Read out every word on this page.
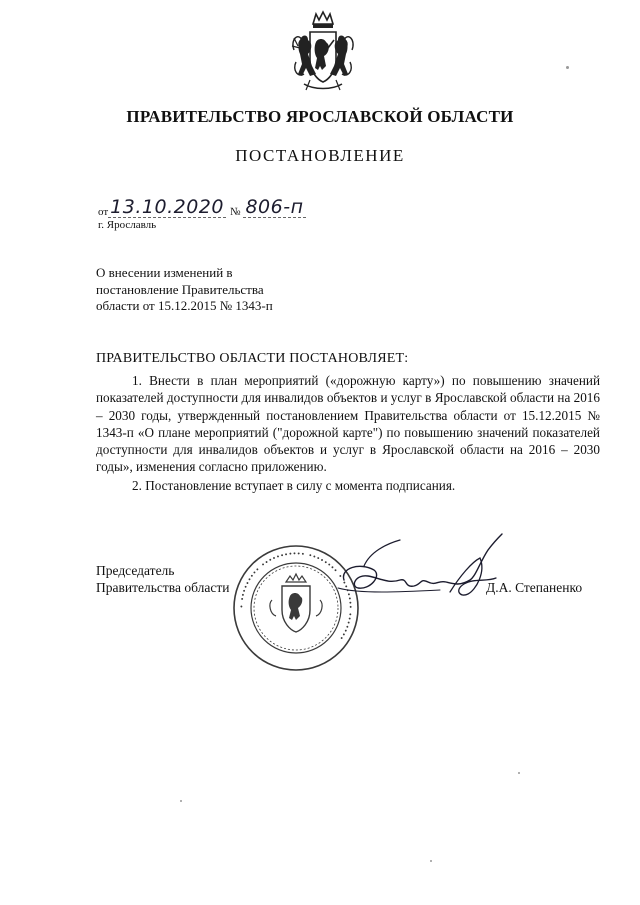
ПРАВИТЕЛЬСТВО ЯРОСЛАВСКОЙ ОБЛАСТИ
ПОСТАНОВЛЕНИЕ
от 13.10.2020 № 806-п
г. Ярославль
О внесении изменений в
постановление Правительства
области от 15.12.2015 № 1343-п
ПРАВИТЕЛЬСТВО ОБЛАСТИ ПОСТАНОВЛЯЕТ:

1. Внести в план мероприятий («дорожную карту») по повышению значений показателей доступности для инвалидов объектов и услуг в Ярославской области на 2016 – 2030 годы, утвержденный постановлением Правительства области от 15.12.2015 № 1343-п «О плане мероприятий ("дорожной карте") по повышению значений показателей доступности для инвалидов объектов и услуг в Ярославской области на 2016 – 2030 годы», изменения согласно приложению.

2. Постановление вступает в силу с момента подписания.

• ••••••••• ••••••••••• •••••••• • ••••••• •••••••
Председатель
Правительства области	Д.А. Степаненко
